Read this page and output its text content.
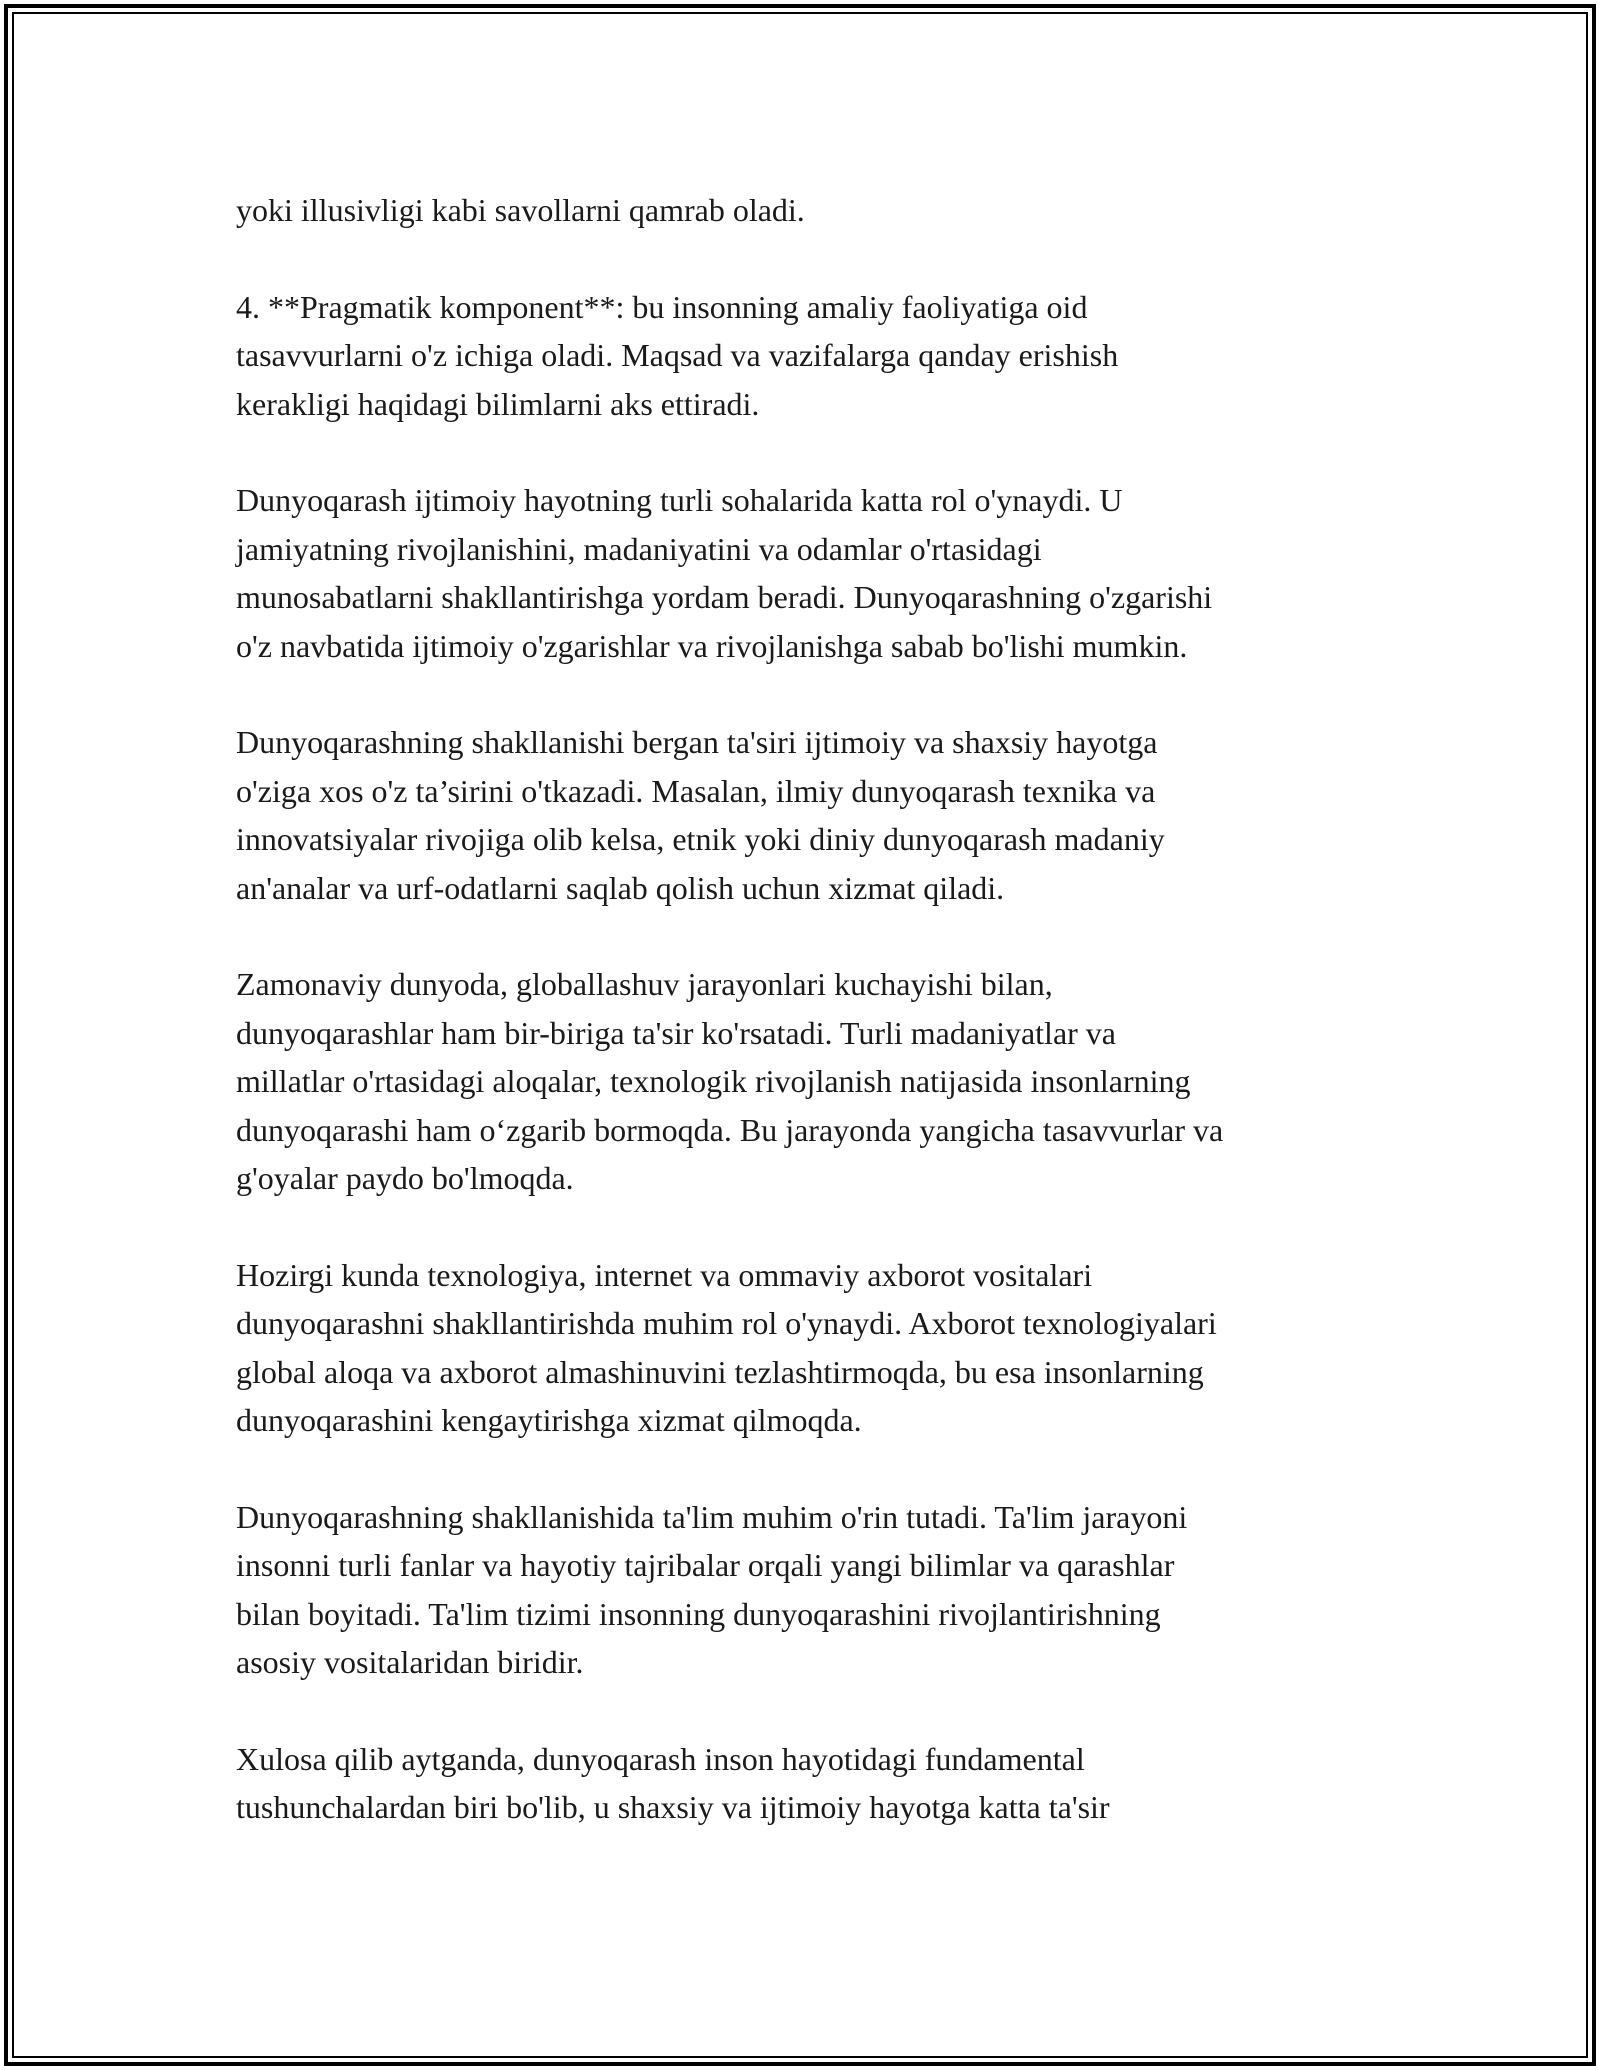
yoki illusivligi kabi savollarni qamrab oladi.

4. **Pragmatik komponent**: bu insonning amaliy faoliyatiga oid
tasavvurlarni o'z ichiga oladi. Maqsad va vazifalarga qanday erishish
kerakligi haqidagi bilimlarni aks ettiradi.

Dunyoqarash ijtimoiy hayotning turli sohalarida katta rol o'ynaydi. U
jamiyatning rivojlanishini, madaniyatini va odamlar o'rtasidagi
munosabatlarni shakllantirishga yordam beradi. Dunyoqarashning o'zgarishi
o'z navbatida ijtimoiy o'zgarishlar va rivojlanishga sabab bo'lishi mumkin.

Dunyoqarashning shakllanishi bergan ta'siri ijtimoiy va shaxsiy hayotga
o'ziga xos o'z ta’sirini o'tkazadi. Masalan, ilmiy dunyoqarash texnika va
innovatsiyalar rivojiga olib kelsa, etnik yoki diniy dunyoqarash madaniy
an'analar va urf-odatlarni saqlab qolish uchun xizmat qiladi.

Zamonaviy dunyoda, globallashuv jarayonlari kuchayishi bilan,
dunyoqarashlar ham bir-biriga ta'sir ko'rsatadi. Turli madaniyatlar va
millatlar o'rtasidagi aloqalar, texnologik rivojlanish natijasida insonlarning
dunyoqarashi ham o‘zgarib bormoqda. Bu jarayonda yangicha tasavvurlar va
g'oyalar paydo bo'lmoqda.

Hozirgi kunda texnologiya, internet va ommaviy axborot vositalari
dunyoqarashni shakllantirishda muhim rol o'ynaydi. Axborot texnologiyalari
global aloqa va axborot almashinuvini tezlashtirmoqda, bu esa insonlarning
dunyoqarashini kengaytirishga xizmat qilmoqda.

Dunyoqarashning shakllanishida ta'lim muhim o'rin tutadi. Ta'lim jarayoni
insonni turli fanlar va hayotiy tajribalar orqali yangi bilimlar va qarashlar
bilan boyitadi. Ta'lim tizimi insonning dunyoqarashini rivojlantirishning
asosiy vositalaridan biridir.

Xulosa qilib aytganda, dunyoqarash inson hayotidagi fundamental
tushunchalardan biri bo'lib, u shaxsiy va ijtimoiy hayotga katta ta'sir
